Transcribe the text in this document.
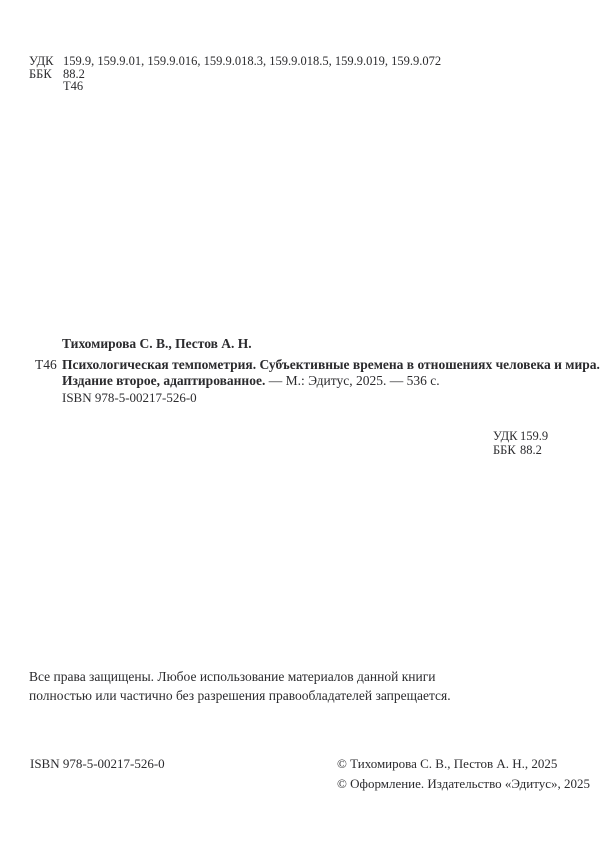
УДК 159.9, 159.9.01, 159.9.016, 159.9.018.3, 159.9.018.5, 159.9.019, 159.9.072
ББК 88.2
Т46
Тихомирова С. В., Пестов А. Н.
Т46 Психологическая темпометрия. Субъективные времена в отношениях человека и мира.
Издание второе, адаптированное. — М.: Эдитус, 2025. — 536 с.
ISBN 978-5-00217-526-0
УДК 159.9
ББК 88.2
Все права защищены. Любое использование материалов данной книги
полностью или частично без разрешения правообладателей запрещается.
ISBN 978-5-00217-526-0	© Тихомирова С. В., Пестов А. Н., 2025
© Оформление. Издательство «Эдитус», 2025
